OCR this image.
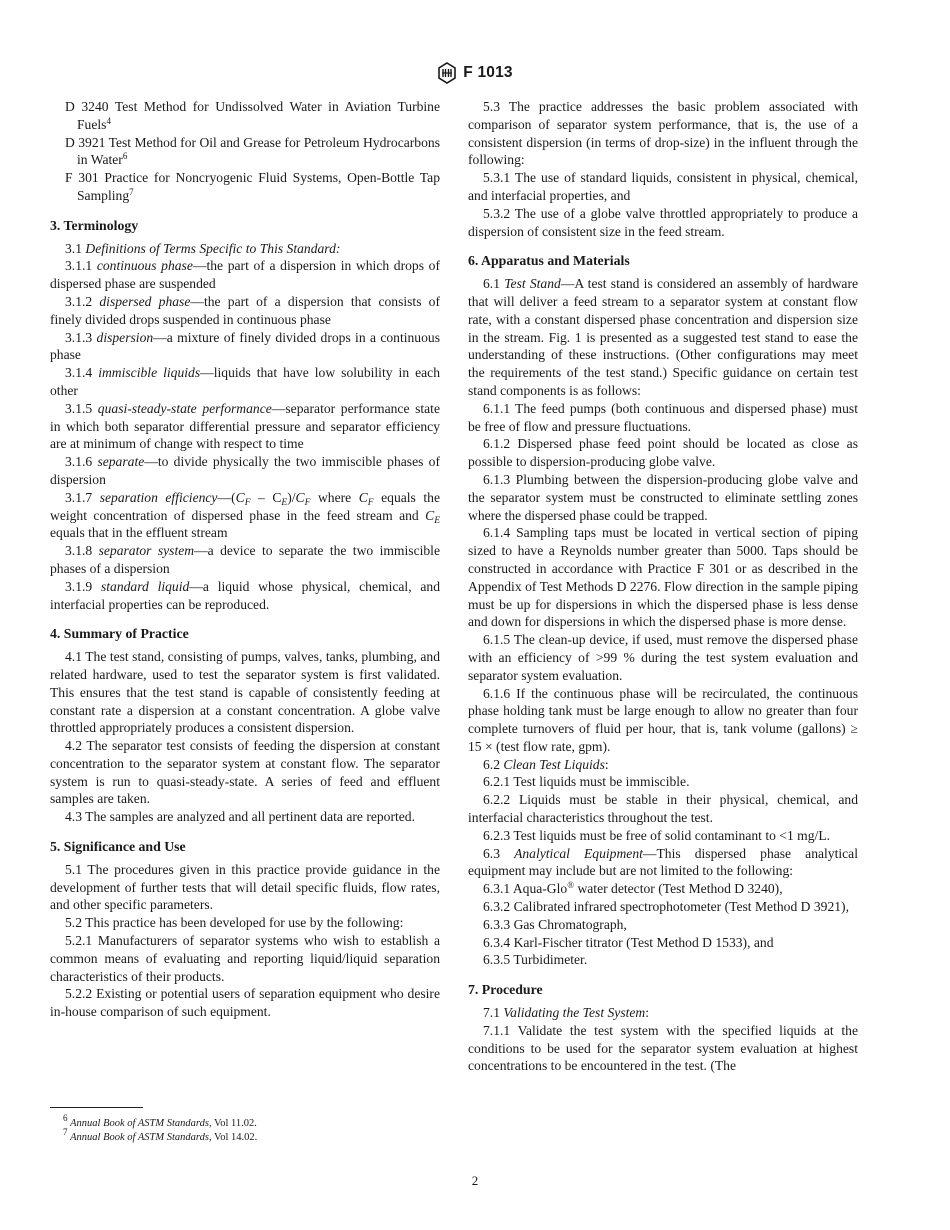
F 1013

D 3240 Test Method for Undissolved Water in Aviation Turbine Fuels$^4$

D 3921 Test Method for Oil and Grease for Petroleum Hydrocarbons in Water$^6$

F 301 Practice for Noncryogenic Fluid Systems, Open-Bottle Tap Sampling$^7$

3. Terminology

3.1 Definitions of Terms Specific to This Standard:

3.1.1 continuous phase—the part of a dispersion in which drops of dispersed phase are suspended

3.1.2 dispersed phase—the part of a dispersion that consists of finely divided drops suspended in continuous phase

3.1.3 dispersion—a mixture of finely divided drops in a continuous phase

3.1.4 immiscible liquids—liquids that have low solubility in each other

3.1.5 quasi-steady-state performance—separator performance state in which both separator differential pressure and separator efficiency are at minimum of change with respect to time

3.1.6 separate—to divide physically the two immiscible phases of dispersion

3.1.7 separation $efficiency—(C_F - C_E)/C_F$ where $C_F$ equals the weight concentration of dispersed phase in the feed stream and $C_E$ equals that in the effluent stream

3.1.8 separator system—a device to separate the two immiscible phases of a dispersion

3.1.9 standard liquid—a liquid whose physical, chemical, and interfacial properties can be reproduced.

4. Summary of Practice

4.1 The test stand, consisting of pumps, valves, tanks, plumbing, and related hardware, used to test the separator system is first validated. This ensures that the test stand is capable of consistently feeding at constant rate a dispersion at a constant concentration. A globe valve throttled appropriately produces a consistent dispersion.

4.2 The separator test consists of feeding the dispersion at constant concentration to the separator system at constant flow. The separator system is run to quasi-steady-state. A series of feed and effluent samples are taken.

4.3 The samples are analyzed and all pertinent data are reported.

5. Significance and Use

5.1 The procedures given in this practice provide guidance in the development of further tests that will detail specific fluids, flow rates, and other specific parameters.

5.2 This practice has been developed for use by the following:

5.2.1 Manufacturers of separator systems who wish to establish a common means of evaluating and reporting liquid/liquid separation characteristics of their products.

5.2.2 Existing or potential users of separation equipment who desire in-house comparison of such equipment.

5.3 The practice addresses the basic problem associated with comparison of separator system performance, that is, the use of a consistent dispersion (in terms of drop-size) in the influent through the following:

5.3.1 The use of standard liquids, consistent in physical, chemical, and interfacial properties, and

5.3.2 The use of a globe valve throttled appropriately to produce a dispersion of consistent size in the feed stream.

6. Apparatus and Materials

6.1 Test Stand—A test stand is considered an assembly of hardware that will deliver a feed stream to a separator system at constant flow rate, with a constant dispersed phase concentration and dispersion size in the stream. Fig. 1 is presented as a suggested test stand to ease the understanding of these instructions. (Other configurations may meet the requirements of the test stand.) Specific guidance on certain test stand components is as follows:

6.1.1 The feed pumps (both continuous and dispersed phase) must be free of flow and pressure fluctuations.

6.1.2 Dispersed phase feed point should be located as close as possible to dispersion-producing globe valve.

6.1.3 Plumbing between the dispersion-producing globe valve and the separator system must be constructed to eliminate settling zones where the dispersed phase could be trapped.

6.1.4 Sampling taps must be located in vertical section of piping sized to have a Reynolds number greater than 5000. Taps should be constructed in accordance with Practice F 301 or as described in the Appendix of Test Methods D 2276. Flow direction in the sample piping must be up for dispersions in which the dispersed phase is less dense and down for dispersions in which the dispersed phase is more dense.

6.1.5 The clean-up device, if used, must remove the dispersed phase with an efficiency of >99 % during the test system evaluation and separator system evaluation.

6.1.6 If the continuous phase will be recirculated, the continuous phase holding tank must be large enough to allow no greater than four complete turnovers of fluid per hour, that is, tank volume (gallons) ≥ 15 × (test flow rate, gpm).

6.2 Clean Test Liquids:

6.2.1 Test liquids must be immiscible.

6.2.2 Liquids must be stable in their physical, chemical, and interfacial characteristics throughout the test.

6.2.3 Test liquids must be free of solid contaminant to <1 mg/L.

6.3 Analytical Equipment—This dispersed phase analytical equipment may include but are not limited to the following:

6.3.1 Aqua-Glo® water detector (Test Method D 3240),

6.3.2 Calibrated infrared spectrophotometer (Test Method D 3921),

6.3.3 Gas Chromatograph,

6.3.4 Karl-Fischer titrator (Test Method D 1533), and

6.3.5 Turbidimeter.

7. Procedure

7.1 Validating the Test System:

7.1.1 Validate the test system with the specified liquids at the conditions to be used for the separator system evaluation at highest concentrations to be encountered in the test. (The

$^6$ Annual Book of ASTM Standards, Vol 11.02.

$^7$ Annual Book of ASTM Standards, Vol 14.02.

2
